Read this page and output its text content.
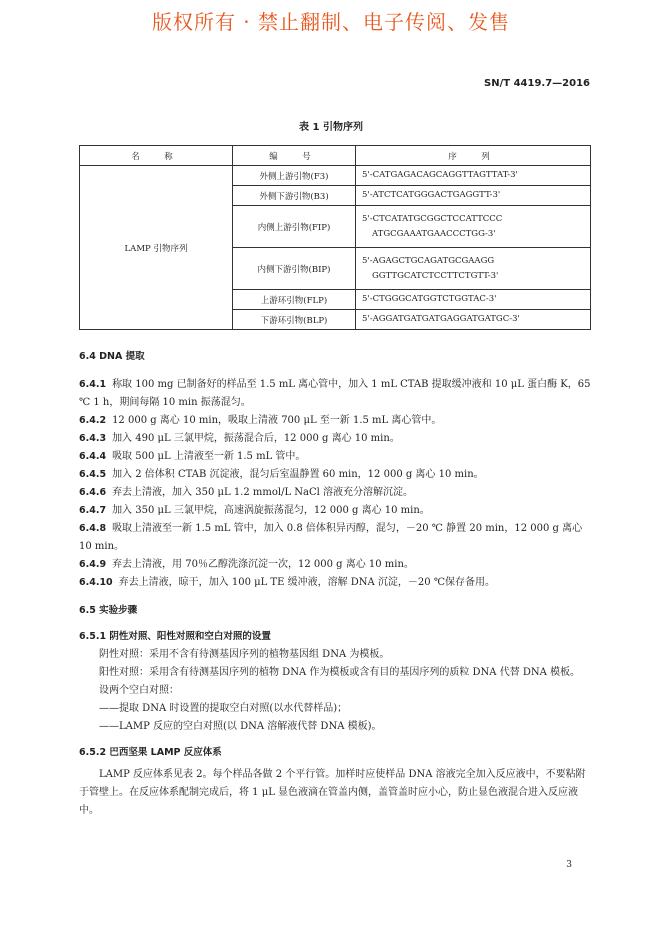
版权所有 · 禁止翻制、电子传阅、发售
SN/T 4419.7—2016
表 1 引物序列
名　称	编　号	序　列
LAMP 引物序列	外侧上游引物(F3)	5'-CATGAGACAGCAGGTTAGTTAT-3'
	外侧下游引物(B3)	5'-ATCTCATGGGACTGAGGTT-3'
	内侧上游引物(FIP)	5'-CTCATATGCGGCTCCATTCCC
ATGCGAAATGAACCCTGG-3'

	内侧下游引物(BIP)	5'-AGAGCTGCAGATGCGAAGG
GGTTGCATCTCCTTCTGTT-3'

	上游环引物(FLP)	5'-CTGGGCATGGTCTGGTAC-3'
	下游环引物(BLP)	5'-AGGATGATGATGAGGATGATGC-3'

6.4 DNA 提取

6.4.1 称取 100 mg 已制备好的样品至 1.5 mL 离心管中，加入 1 mL CTAB 提取缓冲液和 10 μL 蛋白酶 K，65 ℃ 1 h，期间每隔 10 min 振荡混匀。

6.4.2 12 000 g 离心 10 min，吸取上清液 700 μL 至一新 1.5 mL 离心管中。

6.4.3 加入 490 μL 三氯甲烷，振荡混合后，12 000 g 离心 10 min。

6.4.4 吸取 500 μL 上清液至一新 1.5 mL 管中。

6.4.5 加入 2 倍体积 CTAB 沉淀液，混匀后室温静置 60 min，12 000 g 离心 10 min。

6.4.6 弃去上清液，加入 350 μL 1.2 mmol/L NaCl 溶液充分溶解沉淀。

6.4.7 加入 350 μL 三氯甲烷，高速涡旋振荡混匀，12 000 g 离心 10 min。

6.4.8 吸取上清液至一新 1.5 mL 管中，加入 0.8 倍体积异丙醇，混匀，－20 ℃ 静置 20 min，12 000 g 离心 10 min。

6.4.9 弃去上清液，用 70％乙醇洗涤沉淀一次，12 000 g 离心 10 min。

6.4.10 弃去上清液，晾干，加入 100 μL TE 缓冲液，溶解 DNA 沉淀，－20 ℃保存备用。

6.5 实验步骤

6.5.1 阴性对照、阳性对照和空白对照的设置

阴性对照：采用不含有待测基因序列的植物基因组 DNA 为模板。

阳性对照：采用含有待测基因序列的植物 DNA 作为模板或含有目的基因序列的质粒 DNA 代替 DNA 模板。

设两个空白对照：

——提取 DNA 时设置的提取空白对照(以水代替样品)；

——LAMP 反应的空白对照(以 DNA 溶解液代替 DNA 模板)。

6.5.2 巴西坚果 LAMP 反应体系

LAMP 反应体系见表 2。每个样品各做 2 个平行管。加样时应使样品 DNA 溶液完全加入反应液中，不要粘附于管壁上。在反应体系配制完成后，将 1 μL 显色液滴在管盖内侧，盖管盖时应小心，防止显色液混合进入反应液中。

3
